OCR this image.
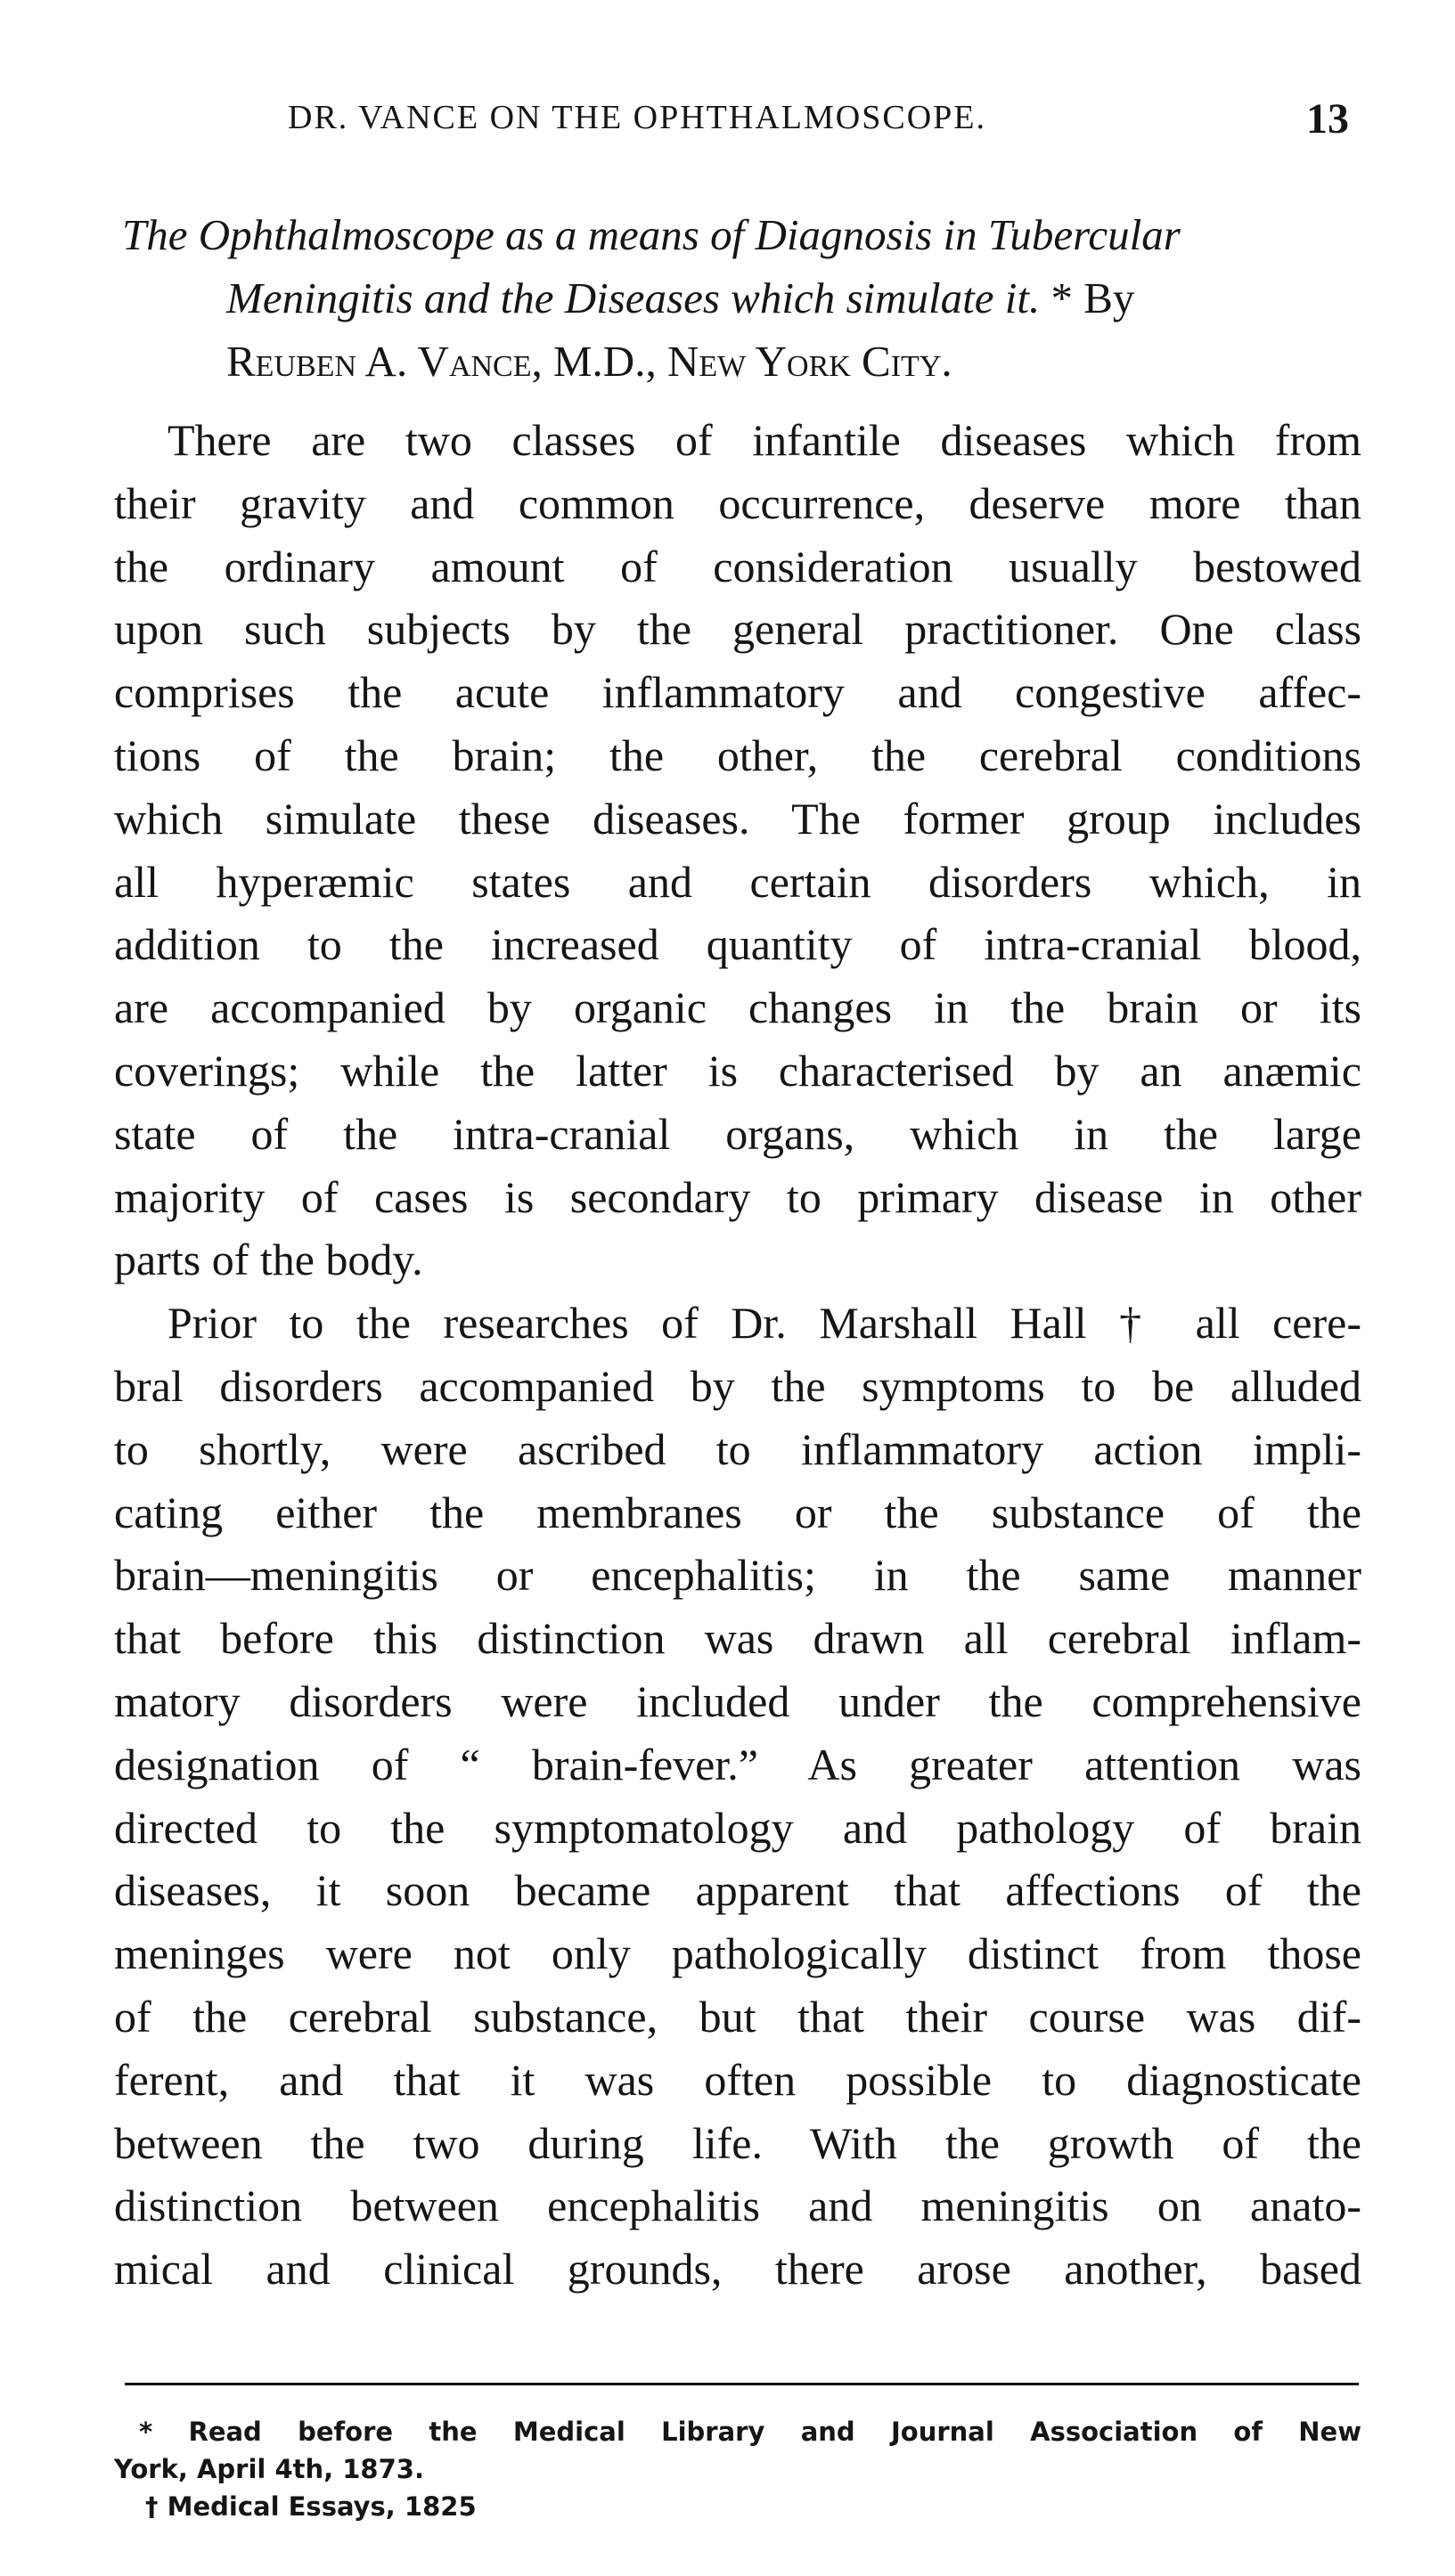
DR. VANCE ON THE OPHTHALMOSCOPE.	13
The Ophthalmoscope as a means of Diagnosis in Tubercular
Meningitis and the Diseases which simulate it. * By
Reuben A. Vance, M.D., New York City.
There are two classes of infantile diseases which from
their gravity and common occurrence, deserve more than
the ordinary amount of consideration usually bestowed
upon such subjects by the general practitioner. One class
comprises the acute inflammatory and congestive affec-
tions of the brain; the other, the cerebral conditions
which simulate these diseases. The former group includes
all hyperæmic states and certain disorders which, in
addition to the increased quantity of intra-cranial blood,
are accompanied by organic changes in the brain or its
coverings; while the latter is characterised by an anæmic
state of the intra-cranial organs, which in the large
majority of cases is secondary to primary disease in other
parts of the body.
Prior to the researches of Dr. Marshall Hall † all cere-
bral disorders accompanied by the symptoms to be alluded
to shortly, were ascribed to inflammatory action impli-
cating either the membranes or the substance of the
brain—meningitis or encephalitis; in the same manner
that before this distinction was drawn all cerebral inflam-
matory disorders were included under the comprehensive
designation of “ brain-fever.” As greater attention was
directed to the symptomatology and pathology of brain
diseases, it soon became apparent that affections of the
meninges were not only pathologically distinct from those
of the cerebral substance, but that their course was dif-
ferent, and that it was often possible to diagnosticate
between the two during life. With the growth of the
distinction between encephalitis and meningitis on anato-
mical and clinical grounds, there arose another, based
* Read before the Medical Library and Journal Association of New
York, April 4th, 1873.
† Medical Essays, 1825
